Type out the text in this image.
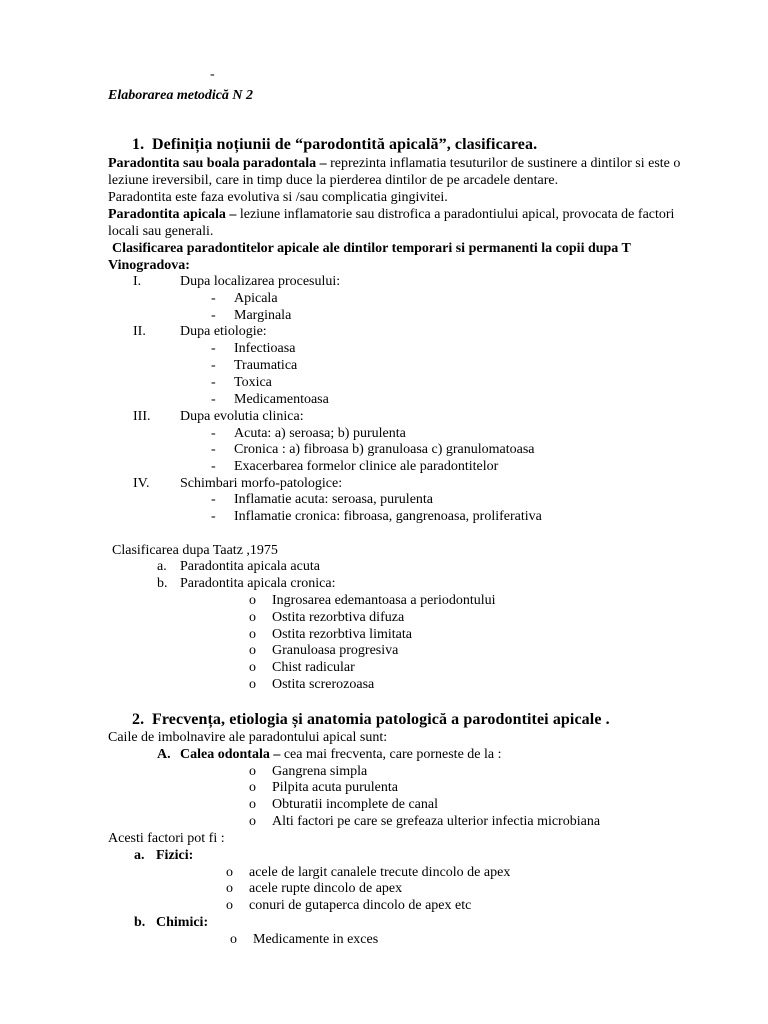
-
Elaborarea metodică N 2
1. Definiția noțiunii de “parodontită apicală”, clasificarea.
Paradontita sau boala paradontala – reprezinta inflamatia tesuturilor de sustinere a dintilor si este o leziune ireversibil, care in timp duce la pierderea dintilor de pe arcadele dentare.
Paradontita este faza evolutiva si /sau complicatia gingivitei.
Paradontita apicala – leziune inflamatorie sau distrofica a paradontiului apical, provocata de factori locali sau generali.
Clasificarea paradontitelor apicale ale dintilor temporari si permanenti la copii dupa T Vinogradova:
I.	Dupa localizarea procesului:
- Apicala
- Marginala
II. Dupa etiologie:
- Infectioasa
- Traumatica
- Toxica
- Medicamentoasa
III. Dupa evolutia clinica:
- Acuta: a) seroasa; b) purulenta
- Cronica : a) fibroasa b) granuloasa c) granulomatoasa
- Exacerbarea formelor clinice ale paradontitelor
IV. Schimbari morfo-patologice:
- Inflamatie acuta: seroasa, purulenta
- Inflamatie cronica: fibroasa, gangrenoasa, proliferativa
Clasificarea dupa Taatz ,1975
a. Paradontita apicala acuta
b. Paradontita apicala cronica:
o Ingrosarea edemantoasa a periodontului
o Ostita rezorbtiva difuza
o Ostita rezorbtiva limitata
o Granuloasa progresiva
o Chist radicular
o Ostita screrozoasa
2. Frecvența, etiologia și anatomia patologică a parodontitei apicale .
Caile de imbolnavire ale paradontului apical sunt:
A. Calea odontala – cea mai frecventa, care porneste de la :
o Gangrena simpla
o Pilpita acuta purulenta
o Obturatii incomplete de canal
o Alti factori pe care se grefeaza ulterior infectia microbiana
Acesti factori pot fi :
a. Fizici:
o acele de largit canalele trecute dincolo de apex
o acele rupte dincolo de apex
o conuri de gutaperca dincolo de apex etc
b. Chimici:
o Medicamente in exces
